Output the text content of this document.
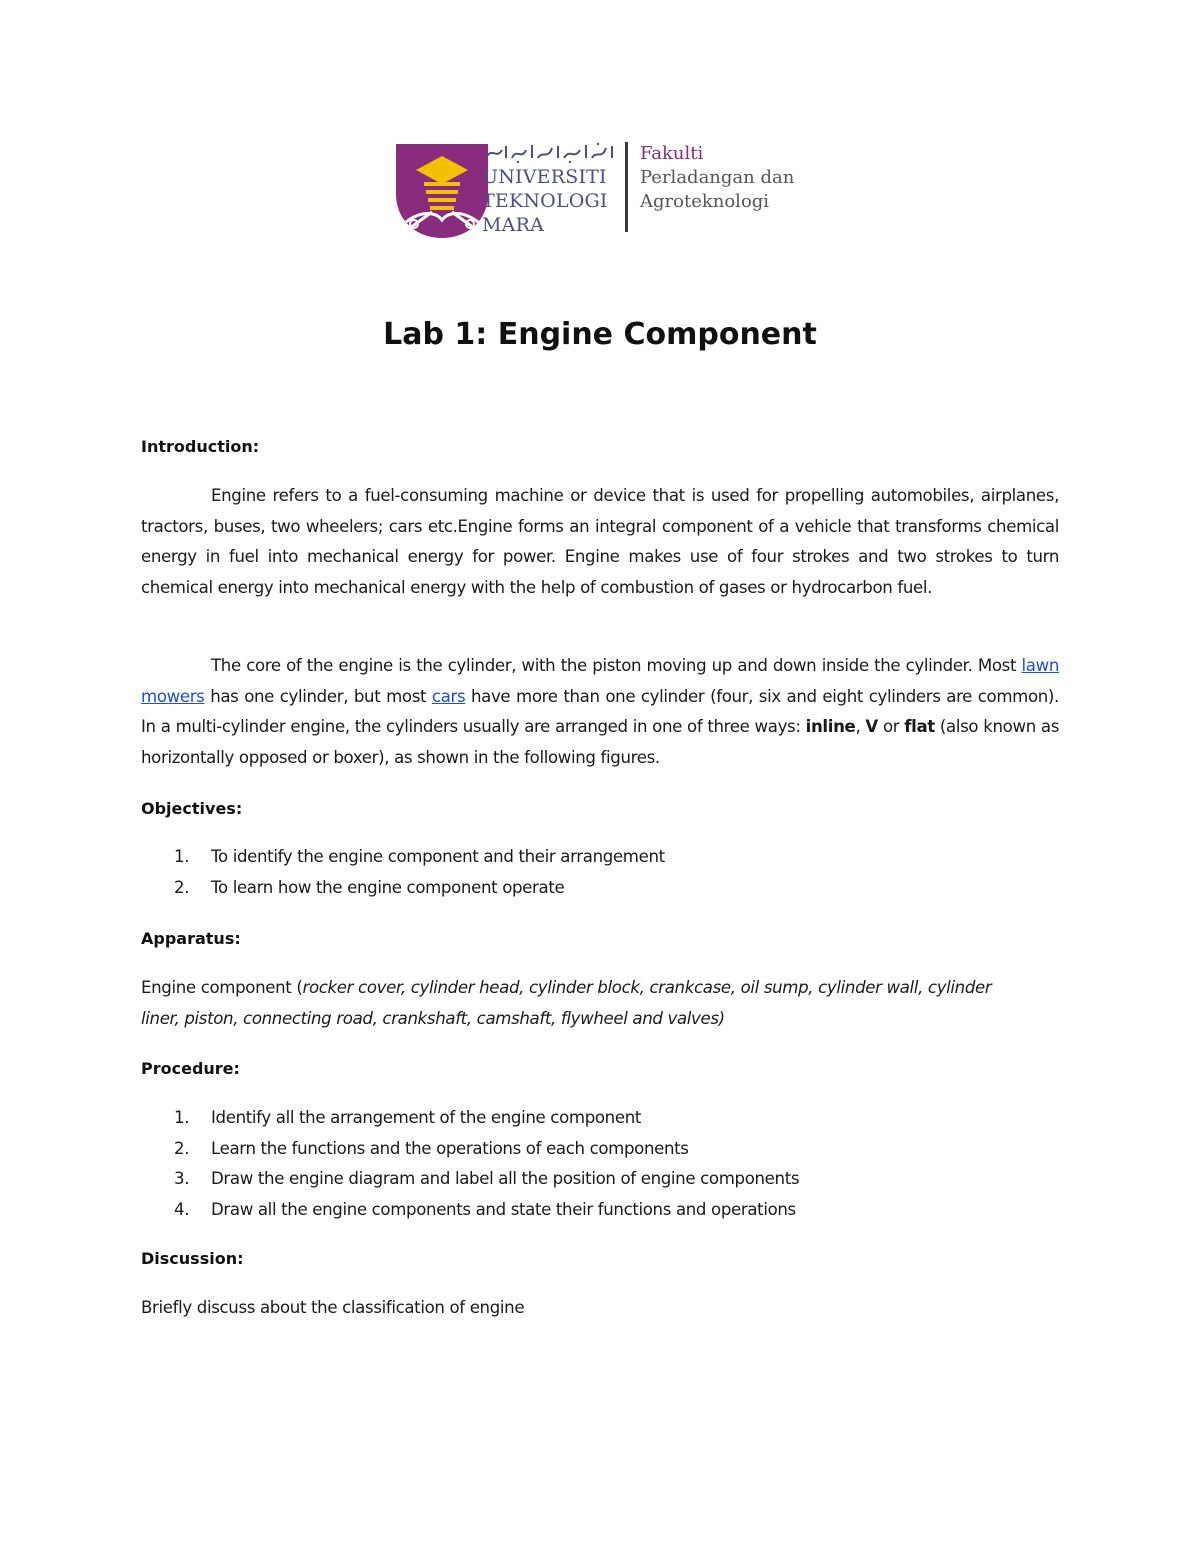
UNIVERSITI
TEKNOLOGI
MARA
Fakulti
Perladangan dan
Agroteknologi
Lab 1: Engine Component
Introduction:
Engine refers to a fuel-consuming machine or device that is used for propelling automobiles, airplanes, tractors, buses, two wheelers; cars etc.Engine forms an integral component of a vehicle that transforms chemical energy in fuel into mechanical energy for power. Engine makes use of four strokes and two strokes to turn chemical energy into mechanical energy with the help of combustion of gases or hydrocarbon fuel.
The core of the engine is the cylinder, with the piston moving up and down inside the cylinder. Most lawn mowers has one cylinder, but most cars have more than one cylinder (four, six and eight cylinders are common). In a multi-cylinder engine, the cylinders usually are arranged in one of three ways: inline, V or flat (also known as horizontally opposed or boxer), as shown in the following figures.
Objectives:
1. To identify the engine component and their arrangement
2. To learn how the engine component operate
Apparatus:
Engine component (rocker cover, cylinder head, cylinder block, crankcase, oil sump, cylinder wall, cylinder liner, piston, connecting road, crankshaft, camshaft, flywheel and valves)
Procedure:
1. Identify all the arrangement of the engine component
2. Learn the functions and the operations of each components
3. Draw the engine diagram and label all the position of engine components
4. Draw all the engine components and state their functions and operations
Discussion:
Briefly discuss about the classification of engine
